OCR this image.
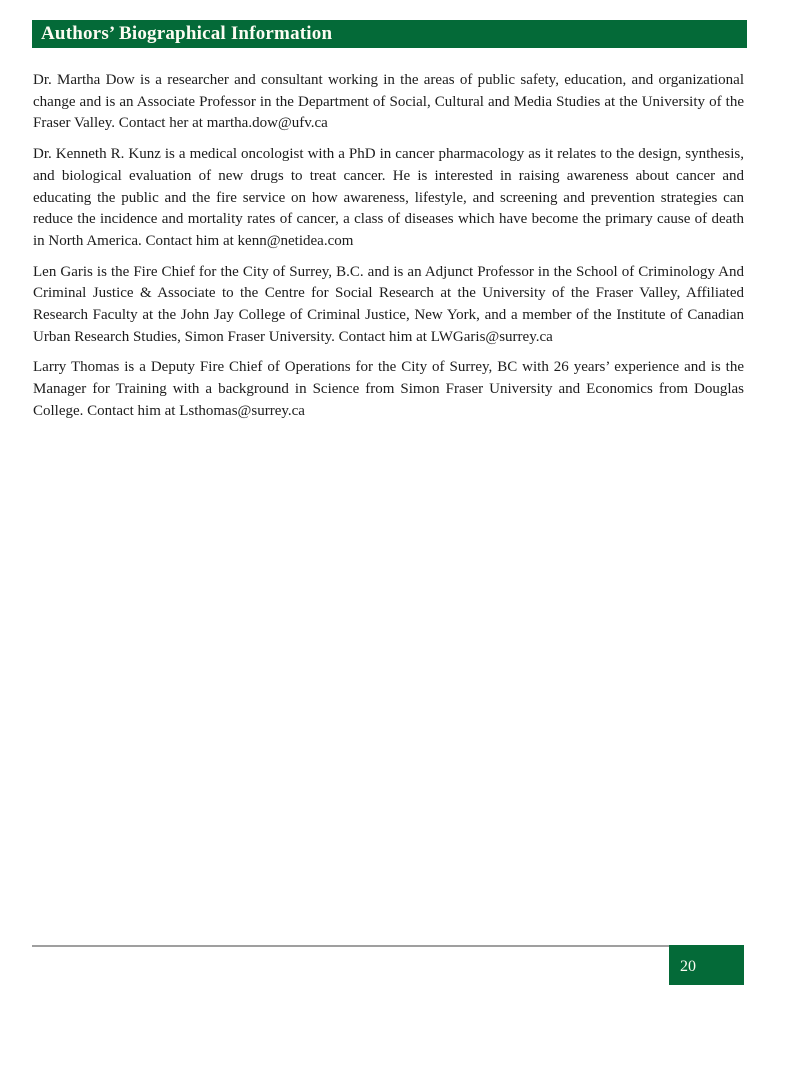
Authors’ Biographical Information

Dr. Martha Dow is a researcher and consultant working in the areas of public safety, education, and organizational change and is an Associate Professor in the Department of Social, Cultural and Media Studies at the University of the Fraser Valley. Contact her at martha.dow@ufv.ca

Dr. Kenneth R. Kunz is a medical oncologist with a PhD in cancer pharmacology as it relates to the design, synthesis, and biological evaluation of new drugs to treat cancer. He is interested in raising awareness about cancer and educating the public and the fire service on how awareness, lifestyle, and screening and prevention strategies can reduce the incidence and mortality rates of cancer, a class of diseases which have become the primary cause of death in North America. Contact him at kenn@netidea.com

Len Garis is the Fire Chief for the City of Surrey, B.C. and is an Adjunct Professor in the School of Criminology And Criminal Justice & Associate to the Centre for Social Research at the University of the Fraser Valley, Affiliated Research Faculty at the John Jay College of Criminal Justice, New York, and a member of the Institute of Canadian Urban Research Studies, Simon Fraser University. Contact him at LWGaris@surrey.ca

Larry Thomas is a Deputy Fire Chief of Operations for the City of Surrey, BC with 26 years’ experience and is the Manager for Training with a background in Science from Simon Fraser University and Economics from Douglas College. Contact him at Lsthomas@surrey.ca

20
